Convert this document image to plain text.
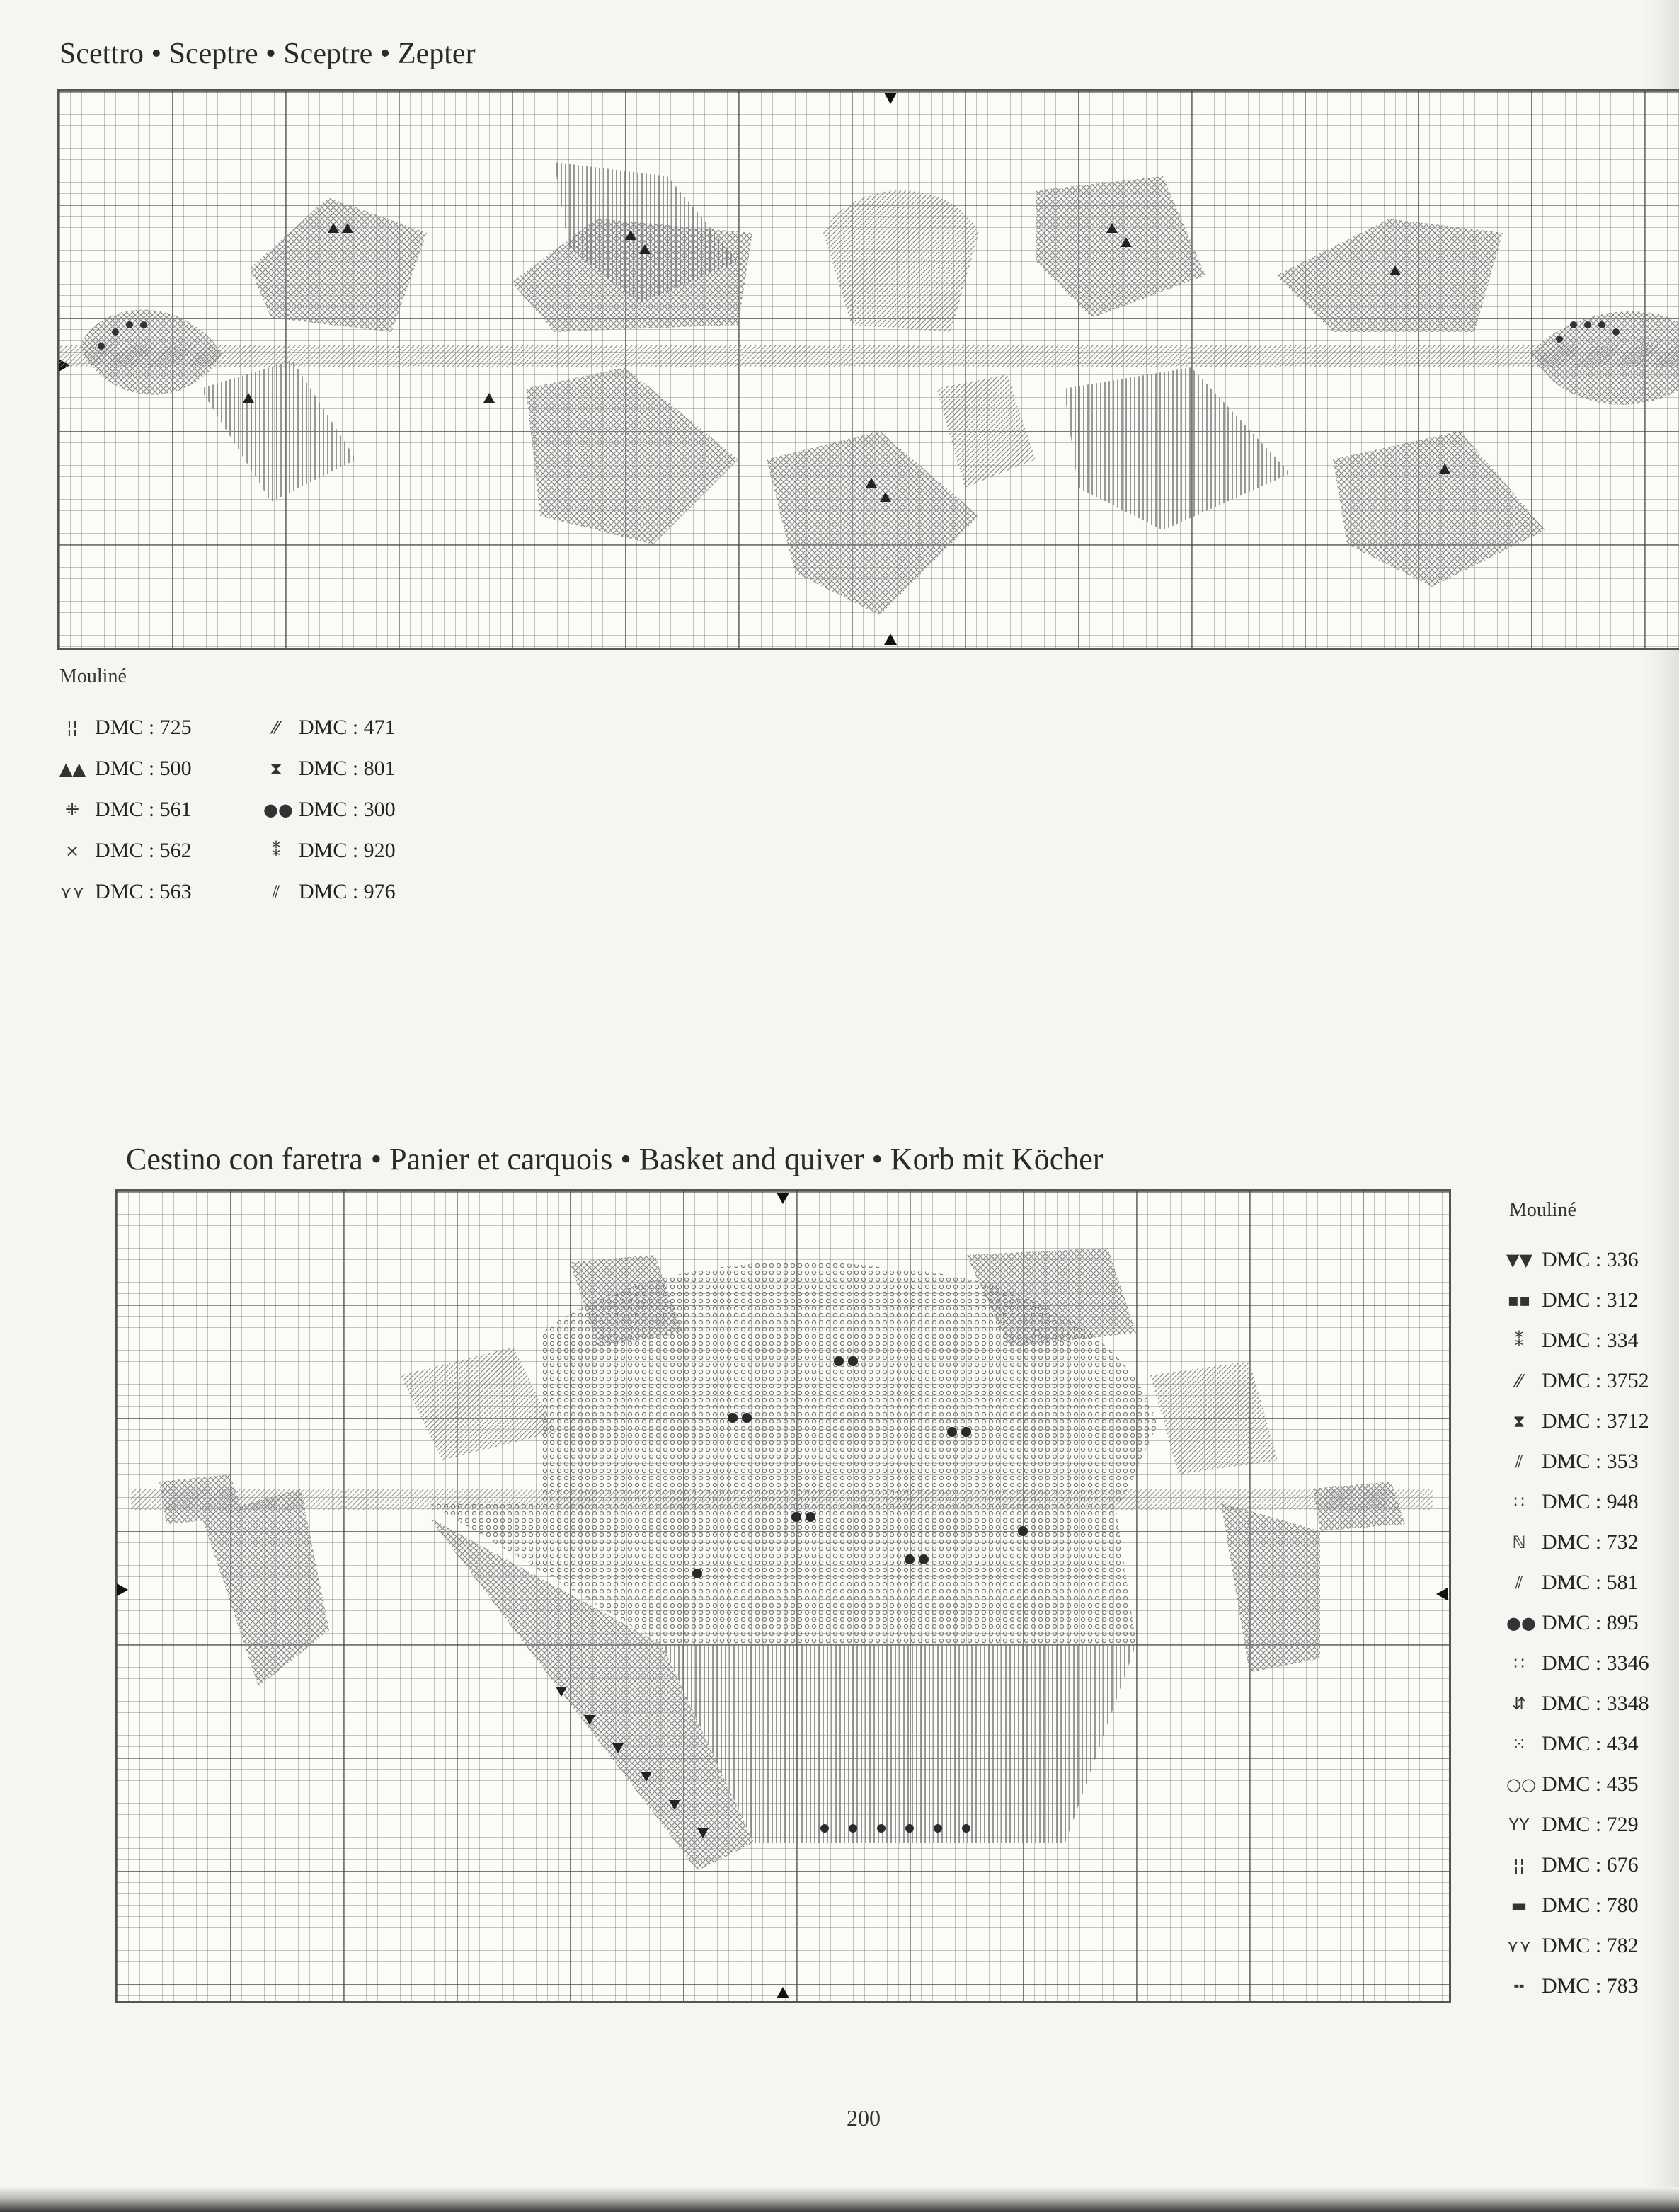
Scettro • Sceptre • Sceptre • Zepter
Mouliné
¦¦ DMC : 725
▲▲ DMC : 500
⁜ DMC : 561
⨯ DMC : 562
⋎⋎ DMC : 563
⁄⁄ DMC : 471
⧗ DMC : 801
●● DMC : 300
⁑ DMC : 920
⫽ DMC : 976
Cestino con faretra • Panier et carquois • Basket and quiver • Korb mit Köcher
Mouliné
▼▼ DMC : 336
▪▪ DMC : 312
⁑ DMC : 334
⁄⁄ DMC : 3752
⧗ DMC : 3712
⫽ DMC : 353
∷ DMC : 948
ℕ DMC : 732
⫽ DMC : 581
●● DMC : 895
∷ DMC : 3346
⇵ DMC : 3348
⁙ DMC : 434
○○ DMC : 435
ΥΥ DMC : 729
¦¦ DMC : 676
▬ DMC : 780
⋎⋎ DMC : 782
╍ DMC : 783
200
